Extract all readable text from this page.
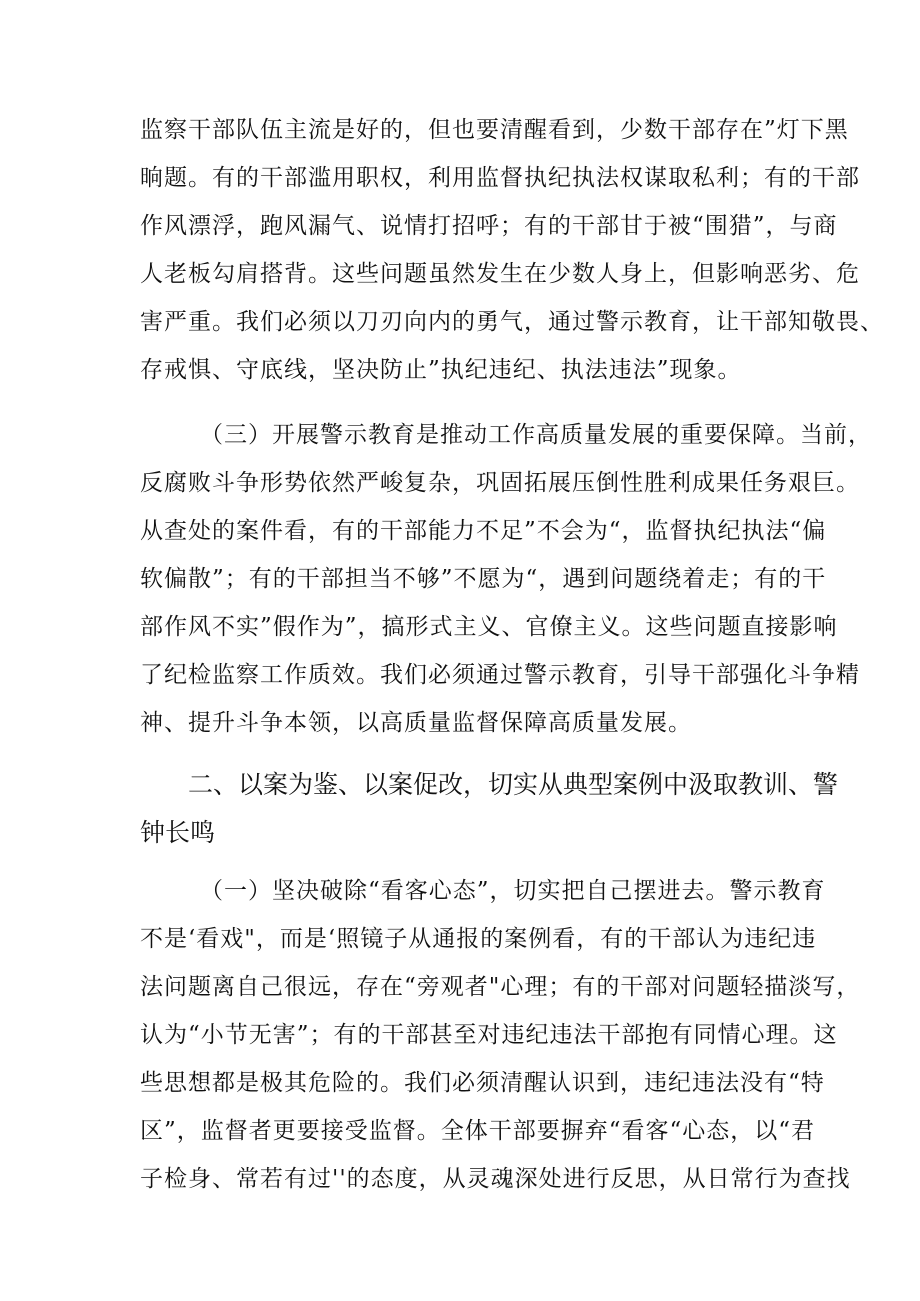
监察干部队伍主流是好的，但也要清醒看到，少数干部存在”灯下黑
晌题。有的干部滥用职权，利用监督执纪执法权谋取私利；有的干部
作风漂浮，跑风漏气、说情打招呼；有的干部甘于被“围猎”，与商
人老板勾肩搭背。这些问题虽然发生在少数人身上，但影响恶劣、危
害严重。我们必须以刀刃向内的勇气，通过警示教育，让干部知敬畏、
存戒惧、守底线，坚决防止”执纪违纪、执法违法”现象。
（三）开展警示教育是推动工作高质量发展的重要保障。当前，
反腐败斗争形势依然严峻复杂，巩固拓展压倒性胜利成果任务艰巨。
从查处的案件看，有的干部能力不足”不会为“，监督执纪执法“偏
软偏散”；有的干部担当不够”不愿为“，遇到问题绕着走；有的干
部作风不实”假作为”，搞形式主义、官僚主义。这些问题直接影响
了纪检监察工作质效。我们必须通过警示教育，引导干部强化斗争精
神、提升斗争本领，以高质量监督保障高质量发展。
二、以案为鉴、以案促改，切实从典型案例中汲取教训、警
钟长鸣
（一）坚决破除“看客心态”，切实把自己摆进去。警示教育
不是‘看戏"，而是‘照镜子从通报的案例看，有的干部认为违纪违
法问题离自己很远，存在“旁观者"心理；有的干部对问题轻描淡写，
认为“小节无害”；有的干部甚至对违纪违法干部抱有同情心理。这
些思想都是极其危险的。我们必须清醒认识到，违纪违法没有“特
区”，监督者更要接受监督。全体干部要摒弃“看客“心态，以“君
子检身、常若有过''的态度，从灵魂深处进行反思，从日常行为查找
